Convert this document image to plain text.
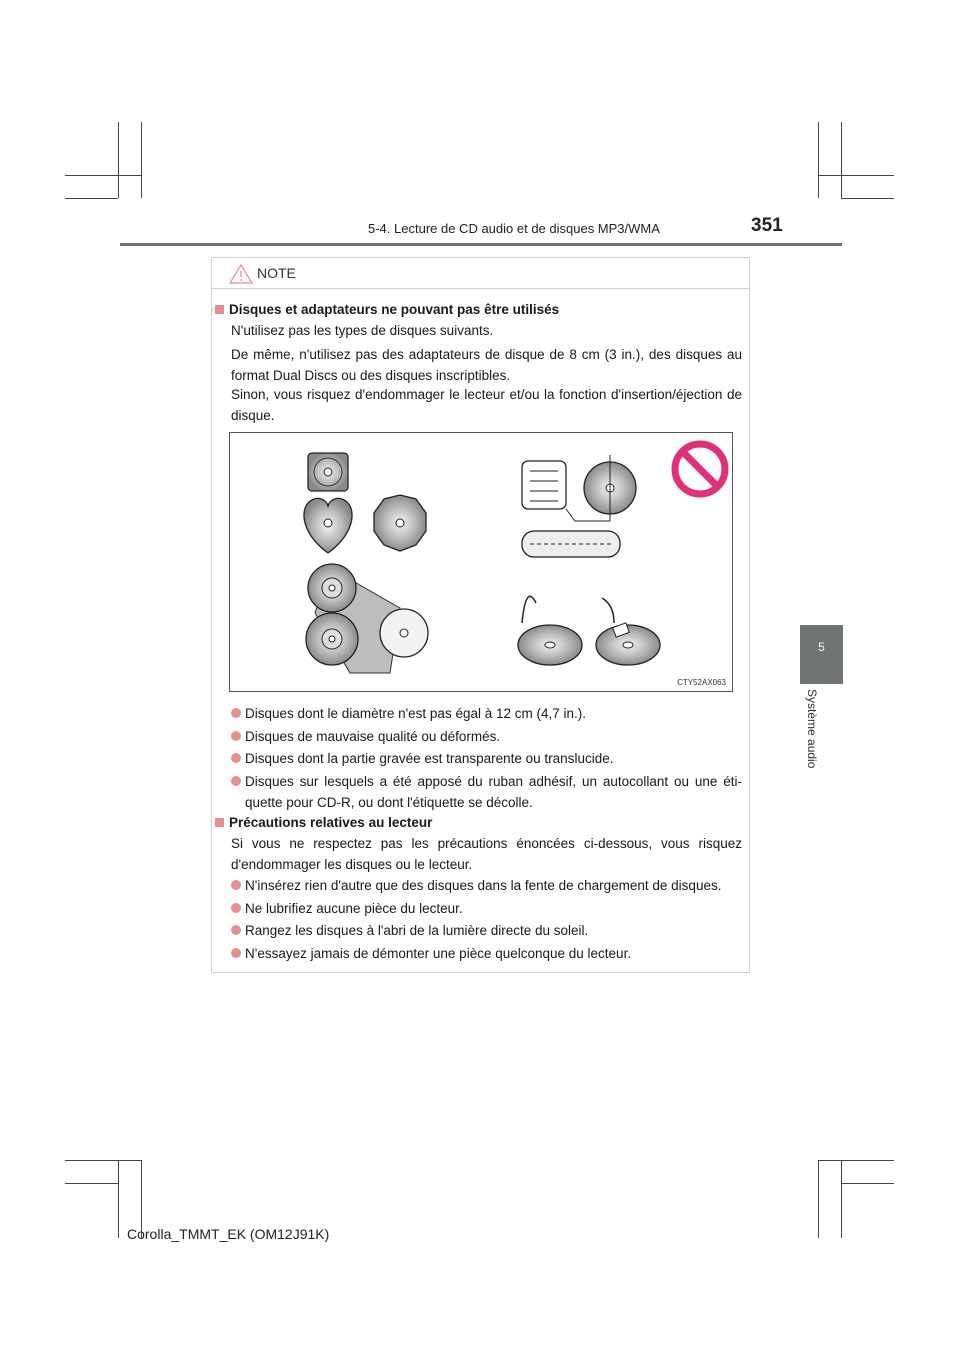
5-4. Lecture de CD audio et de disques MP3/WMA	351
5
Système audio
NOTE
Disques et adaptateurs ne pouvant pas être utilisés
N'utilisez pas les types de disques suivants.
De même, n'utilisez pas des adaptateurs de disque de 8 cm (3 in.), des disques au format Dual Discs ou des disques inscriptibles.
Sinon, vous risquez d'endommager le lecteur et/ou la fonction d'insertion/éjection de disque.
Disques dont le diamètre n'est pas égal à 12 cm (4,7 in.).
Disques de mauvaise qualité ou déformés.
Disques dont la partie gravée est transparente ou translucide.
Disques sur lesquels a été apposé du ruban adhésif, un autocollant ou une éti-quette pour CD-R, ou dont l'étiquette se décolle.
Précautions relatives au lecteur
Si vous ne respectez pas les précautions énoncées ci-dessous, vous risquez d'endommager les disques ou le lecteur.
N'insérez rien d'autre que des disques dans la fente de chargement de disques.
Ne lubrifiez aucune pièce du lecteur.
Rangez les disques à l'abri de la lumière directe du soleil.
N'essayez jamais de démonter une pièce quelconque du lecteur.
CTY52AX063
Corolla_TMMT_EK (OM12J91K)
